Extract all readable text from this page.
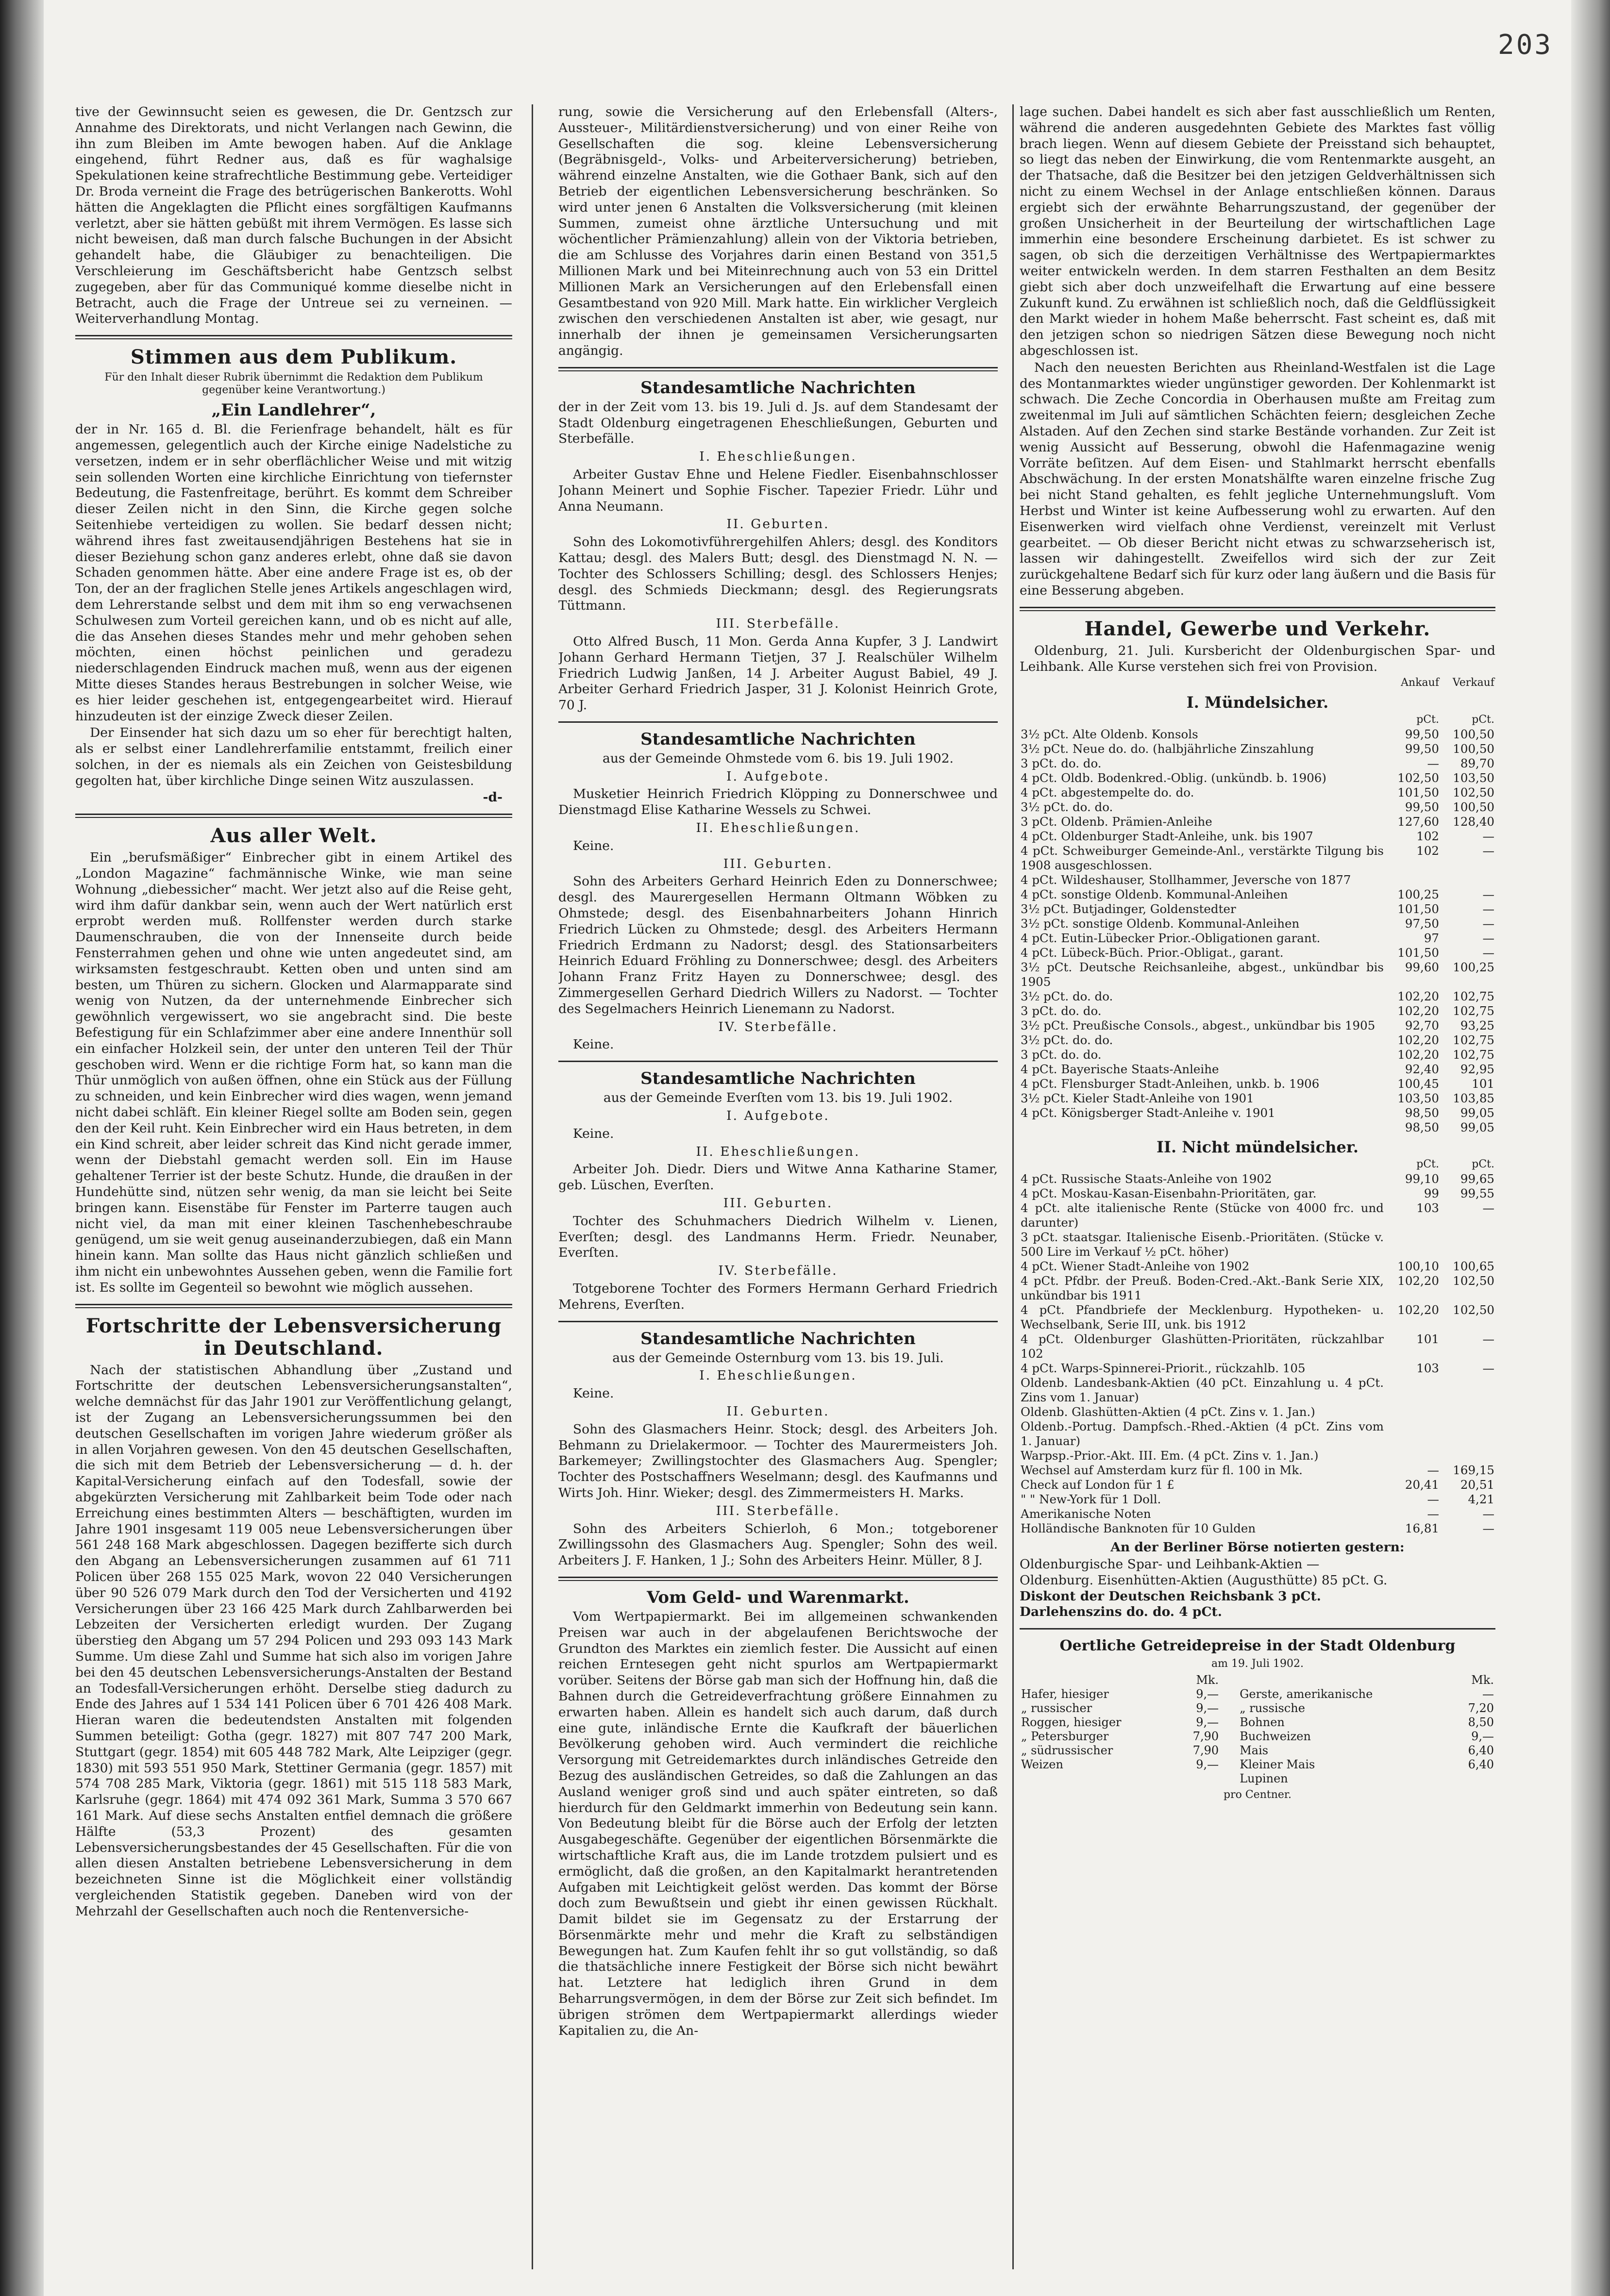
203

tive der Gewinnsucht seien es gewesen, die Dr. Gentzsch zur Annahme des Direktorats, und nicht Verlangen nach Gewinn, die ihn zum Bleiben im Amte bewogen haben. Auf die Anklage eingehend, führt Redner aus, daß es für waghalsige Spekulationen keine strafrechtliche Bestimmung gebe. Verteidiger Dr. Broda verneint die Frage des betrügerischen Bankerotts. Wohl hätten die Angeklagten die Pflicht eines sorgfältigen Kaufmanns verletzt, aber sie hätten gebüßt mit ihrem Vermögen. Es lasse sich nicht beweisen, daß man durch falsche Buchungen in der Absicht gehandelt habe, die Gläubiger zu benachteiligen. Die Verschleierung im Geschäftsbericht habe Gentzsch selbst zugegeben, aber für das Communiqué komme dieselbe nicht in Betracht, auch die Frage der Untreue sei zu verneinen. — Weiterverhandlung Montag.

Stimmen aus dem Publikum.
Für den Inhalt dieser Rubrik übernimmt die Redaktion dem Publikum gegenüber keine Verantwortung.)
„Ein Landlehrer“,

der in Nr. 165 d. Bl. die Ferienfrage behandelt, hält es für angemessen, gelegentlich auch der Kirche einige Nadelstiche zu versetzen, indem er in sehr oberflächlicher Weise und mit witzig sein sollenden Worten eine kirchliche Einrichtung von tiefernster Bedeutung, die Fastenfreitage, berührt. Es kommt dem Schreiber dieser Zeilen nicht in den Sinn, die Kirche gegen solche Seitenhiebe verteidigen zu wollen. Sie bedarf dessen nicht; während ihres fast zweitausendjährigen Bestehens hat sie in dieser Beziehung schon ganz anderes erlebt, ohne daß sie davon Schaden genommen hätte. Aber eine andere Frage ist es, ob der Ton, der an der fraglichen Stelle jenes Artikels angeschlagen wird, dem Lehrerstande selbst und dem mit ihm so eng verwachsenen Schulwesen zum Vorteil gereichen kann, und ob es nicht auf alle, die das Ansehen dieses Standes mehr und mehr gehoben sehen möchten, einen höchst peinlichen und geradezu niederschlagenden Eindruck machen muß, wenn aus der eigenen Mitte dieses Standes heraus Bestrebungen in solcher Weise, wie es hier leider geschehen ist, entgegengearbeitet wird. Hierauf hinzudeuten ist der einzige Zweck dieser Zeilen.

Der Einsender hat sich dazu um so eher für berechtigt halten, als er selbst einer Landlehrerfamilie entstammt, freilich einer solchen, in der es niemals als ein Zeichen von Geistesbildung gegolten hat, über kirchliche Dinge seinen Witz auszulassen.

-d-
Aus aller Welt.

Ein „berufsmäßiger“ Einbrecher gibt in einem Artikel des „London Magazine“ fachmännische Winke, wie man seine Wohnung „diebessicher“ macht. Wer jetzt also auf die Reise geht, wird ihm dafür dankbar sein, wenn auch der Wert natürlich erst erprobt werden muß. Rollfenster werden durch starke Daumenschrauben, die von der Innenseite durch beide Fensterrahmen gehen und ohne wie unten angedeutet sind, am wirksamsten festgeschraubt. Ketten oben und unten sind am besten, um Thüren zu sichern. Glocken und Alarmapparate sind wenig von Nutzen, da der unternehmende Einbrecher sich gewöhnlich vergewissert, wo sie angebracht sind. Die beste Befestigung für ein Schlafzimmer aber eine andere Innenthür soll ein einfacher Holzkeil sein, der unter den unteren Teil der Thür geschoben wird. Wenn er die richtige Form hat, so kann man die Thür unmöglich von außen öffnen, ohne ein Stück aus der Füllung zu schneiden, und kein Einbrecher wird dies wagen, wenn jemand nicht dabei schläft. Ein kleiner Riegel sollte am Boden sein, gegen den der Keil ruht. Kein Einbrecher wird ein Haus betreten, in dem ein Kind schreit, aber leider schreit das Kind nicht gerade immer, wenn der Diebstahl gemacht werden soll. Ein im Hause gehaltener Terrier ist der beste Schutz. Hunde, die draußen in der Hundehütte sind, nützen sehr wenig, da man sie leicht bei Seite bringen kann. Eisenstäbe für Fenster im Parterre taugen auch nicht viel, da man mit einer kleinen Taschenhebeschraube genügend, um sie weit genug auseinanderzubiegen, daß ein Mann hinein kann. Man sollte das Haus nicht gänzlich schließen und ihm nicht ein unbewohntes Aussehen geben, wenn die Familie fort ist. Es sollte im Gegenteil so bewohnt wie möglich aussehen.

Fortschritte der Lebensversicherung in Deutschland.

Nach der statistischen Abhandlung über „Zustand und Fortschritte der deutschen Lebensversicherungsanstalten“, welche demnächst für das Jahr 1901 zur Veröffentlichung gelangt, ist der Zugang an Lebensversicherungssummen bei den deutschen Gesellschaften im vorigen Jahre wiederum größer als in allen Vorjahren gewesen. Von den 45 deutschen Gesellschaften, die sich mit dem Betrieb der Lebensversicherung — d. h. der Kapital-Versicherung einfach auf den Todesfall, sowie der abgekürzten Versicherung mit Zahlbarkeit beim Tode oder nach Erreichung eines bestimmten Alters — beschäftigten, wurden im Jahre 1901 insgesamt 119 005 neue Lebensversicherungen über 561 248 168 Mark abgeschlossen. Dagegen bezifferte sich durch den Abgang an Lebensversicherungen zusammen auf 61 711 Policen über 268 155 025 Mark, wovon 22 040 Versicherungen über 90 526 079 Mark durch den Tod der Versicherten und 4192 Versicherungen über 23 166 425 Mark durch Zahlbarwerden bei Lebzeiten der Versicherten erledigt wurden. Der Zugang überstieg den Abgang um 57 294 Policen und 293 093 143 Mark Summe. Um diese Zahl und Summe hat sich also im vorigen Jahre bei den 45 deutschen Lebensversicherungs-Anstalten der Bestand an Todesfall-Versicherungen erhöht. Derselbe stieg dadurch zu Ende des Jahres auf 1 534 141 Policen über 6 701 426 408 Mark. Hieran waren die bedeutendsten Anstalten mit folgenden Summen beteiligt: Gotha (gegr. 1827) mit 807 747 200 Mark, Stuttgart (gegr. 1854) mit 605 448 782 Mark, Alte Leipziger (gegr. 1830) mit 593 551 950 Mark, Stettiner Germania (gegr. 1857) mit 574 708 285 Mark, Viktoria (gegr. 1861) mit 515 118 583 Mark, Karlsruhe (gegr. 1864) mit 474 092 361 Mark, Summa 3 570 667 161 Mark. Auf diese sechs Anstalten entfiel demnach die größere Hälfte (53,3 Prozent) des gesamten Lebensversicherungsbestandes der 45 Gesellschaften. Für die von allen diesen Anstalten betriebene Lebensversicherung in dem bezeichneten Sinne ist die Möglichkeit einer vollständig vergleichenden Statistik gegeben. Daneben wird von der Mehrzahl der Gesellschaften auch noch die Rentenversiche-

rung, sowie die Versicherung auf den Erlebensfall (Alters-, Aussteuer-, Militärdienstversicherung) und von einer Reihe von Gesellschaften die sog. kleine Lebensversicherung (Begräbnisgeld-, Volks- und Arbeiterversicherung) betrieben, während einzelne Anstalten, wie die Gothaer Bank, sich auf den Betrieb der eigentlichen Lebensversicherung beschränken. So wird unter jenen 6 Anstalten die Volksversicherung (mit kleinen Summen, zumeist ohne ärztliche Untersuchung und mit wöchentlicher Prämienzahlung) allein von der Viktoria betrieben, die am Schlusse des Vorjahres darin einen Bestand von 351,5 Millionen Mark und bei Miteinrechnung auch von 53 ein Drittel Millionen Mark an Versicherungen auf den Erlebensfall einen Gesamtbestand von 920 Mill. Mark hatte. Ein wirklicher Vergleich zwischen den verschiedenen Anstalten ist aber, wie gesagt, nur innerhalb der ihnen je gemeinsamen Versicherungsarten angängig.

Standesamtliche Nachrichten

der in der Zeit vom 13. bis 19. Juli d. Js. auf dem Standesamt der Stadt Oldenburg eingetragenen Eheschließungen, Geburten und Sterbefälle.

I. Eheschließungen.

Arbeiter Gustav Ehne und Helene Fiedler. Eisenbahnschlosser Johann Meinert und Sophie Fischer. Tapezier Friedr. Lühr und Anna Neumann.

II. Geburten.

Sohn des Lokomotivführergehilfen Ahlers; desgl. des Konditors Kattau; desgl. des Malers Butt; desgl. des Dienstmagd N. N. — Tochter des Schlossers Schilling; desgl. des Schlossers Henjes; desgl. des Schmieds Dieckmann; desgl. des Regierungsrats Tüttmann.

III. Sterbefälle.

Otto Alfred Busch, 11 Mon. Gerda Anna Kupfer, 3 J. Landwirt Johann Gerhard Hermann Tietjen, 37 J. Realschüler Wilhelm Friedrich Ludwig Janßen, 14 J. Arbeiter August Babiel, 49 J. Arbeiter Gerhard Friedrich Jasper, 31 J. Kolonist Heinrich Grote, 70 J.

Standesamtliche Nachrichten

aus der Gemeinde Ohmstede vom 6. bis 19. Juli 1902.

I. Aufgebote.

Musketier Heinrich Friedrich Klöpping zu Donnerschwee und Dienstmagd Elise Katharine Wessels zu Schwei.

II. Eheschließungen.

Keine.

III. Geburten.

Sohn des Arbeiters Gerhard Heinrich Eden zu Donnerschwee; desgl. des Maurergesellen Hermann Oltmann Wöbken zu Ohmstede; desgl. des Eisenbahnarbeiters Johann Hinrich Friedrich Lücken zu Ohmstede; desgl. des Arbeiters Hermann Friedrich Erdmann zu Nadorst; desgl. des Stationsarbeiters Heinrich Eduard Fröhling zu Donnerschwee; desgl. des Arbeiters Johann Franz Fritz Hayen zu Donnerschwee; desgl. des Zimmergesellen Gerhard Diedrich Willers zu Nadorst. — Tochter des Segelmachers Heinrich Lienemann zu Nadorst.

IV. Sterbefälle.

Keine.

Standesamtliche Nachrichten

aus der Gemeinde Everſten vom 13. bis 19. Juli 1902.

I. Aufgebote.

Keine.

II. Eheschließungen.

Arbeiter Joh. Diedr. Diers und Witwe Anna Katharine Stamer, geb. Lüschen, Everſten.

III. Geburten.

Tochter des Schuhmachers Diedrich Wilhelm v. Lienen, Everſten; desgl. des Landmanns Herm. Friedr. Neunaber, Everſten.

IV. Sterbefälle.

Totgeborene Tochter des Formers Hermann Gerhard Friedrich Mehrens, Everſten.

Standesamtliche Nachrichten

aus der Gemeinde Osternburg vom 13. bis 19. Juli.

I. Eheschließungen.

Keine.

II. Geburten.

Sohn des Glasmachers Heinr. Stock; desgl. des Arbeiters Joh. Behmann zu Drielakermoor. — Tochter des Maurermeisters Joh. Barkemeyer; Zwillingstochter des Glasmachers Aug. Spengler; Tochter des Postschaffners Weselmann; desgl. des Kaufmanns und Wirts Joh. Hinr. Wieker; desgl. des Zimmermeisters H. Marks.

III. Sterbefälle.

Sohn des Arbeiters Schierloh, 6 Mon.; totgeborener Zwillingssohn des Glasmachers Aug. Spengler; Sohn des weil. Arbeiters J. F. Hanken, 1 J.; Sohn des Arbeiters Heinr. Müller, 8 J.

Vom Geld- und Warenmarkt.

Vom Wertpapiermarkt. Bei im allgemeinen schwankenden Preisen war auch in der abgelaufenen Berichtswoche der Grundton des Marktes ein ziemlich fester. Die Aussicht auf einen reichen Erntesegen geht nicht spurlos am Wertpapiermarkt vorüber. Seitens der Börse gab man sich der Hoffnung hin, daß die Bahnen durch die Getreideverfrachtung größere Einnahmen zu erwarten haben. Allein es handelt sich auch darum, daß durch eine gute, inländische Ernte die Kaufkraft der bäuerlichen Bevölkerung gehoben wird. Auch vermindert die reichliche Versorgung mit Getreidemarktes durch inländisches Getreide den Bezug des ausländischen Getreides, so daß die Zahlungen an das Ausland weniger groß sind und auch später eintreten, so daß hierdurch für den Geldmarkt immerhin von Bedeutung sein kann. Von Bedeutung bleibt für die Börse auch der Erfolg der letzten Ausgabegeschäfte. Gegenüber der eigentlichen Börsenmärkte die wirtschaftliche Kraft aus, die im Lande trotzdem pulsiert und es ermöglicht, daß die großen, an den Kapitalmarkt herantretenden Aufgaben mit Leichtigkeit gelöst werden. Das kommt der Börse doch zum Bewußtsein und giebt ihr einen gewissen Rückhalt. Damit bildet sie im Gegensatz zu der Erstarrung der Börsenmärkte mehr und mehr die Kraft zu selbständigen Bewegungen hat. Zum Kaufen fehlt ihr so gut vollständig, so daß die thatsächliche innere Festigkeit der Börse sich nicht bewährt hat. Letztere hat lediglich ihren Grund in dem Beharrungsvermögen, in dem der Börse zur Zeit sich befindet. Im übrigen strömen dem Wertpapiermarkt allerdings wieder Kapitalien zu, die An-

lage suchen. Dabei handelt es sich aber fast ausschließlich um Renten, während die anderen ausgedehnten Gebiete des Marktes fast völlig brach liegen. Wenn auf diesem Gebiete der Preisstand sich behauptet, so liegt das neben der Einwirkung, die vom Rentenmarkte ausgeht, an der Thatsache, daß die Besitzer bei den jetzigen Geldverhältnissen sich nicht zu einem Wechsel in der Anlage entschließen können. Daraus ergiebt sich der erwähnte Beharrungszustand, der gegenüber der großen Unsicherheit in der Beurteilung der wirtschaftlichen Lage immerhin eine besondere Erscheinung darbietet. Es ist schwer zu sagen, ob sich die derzeitigen Verhältnisse des Wertpapiermarktes weiter entwickeln werden. In dem starren Festhalten an dem Besitz giebt sich aber doch unzweifelhaft die Erwartung auf eine bessere Zukunft kund. Zu erwähnen ist schließlich noch, daß die Geldflüssigkeit den Markt wieder in hohem Maße beherrscht. Fast scheint es, daß mit den jetzigen schon so niedrigen Sätzen diese Bewegung noch nicht abgeschlossen ist.

Nach den neuesten Berichten aus Rheinland-Westfalen ist die Lage des Montanmarktes wieder ungünstiger geworden. Der Kohlenmarkt ist schwach. Die Zeche Concordia in Oberhausen mußte am Freitag zum zweitenmal im Juli auf sämtlichen Schächten feiern; desgleichen Zeche Alstaden. Auf den Zechen sind starke Bestände vorhanden. Zur Zeit ist wenig Aussicht auf Besserung, obwohl die Hafenmagazine wenig Vorräte beſitzen. Auf dem Eisen- und Stahlmarkt herrscht ebenfalls Abschwächung. In der ersten Monatshälfte waren einzelne frische Zug bei nicht Stand gehalten, es fehlt jegliche Unternehmungsluft. Vom Herbst und Winter ist keine Aufbesserung wohl zu erwarten. Auf den Eisenwerken wird vielfach ohne Verdienst, vereinzelt mit Verlust gearbeitet. — Ob dieser Bericht nicht etwas zu schwarzseherisch ist, lassen wir dahingestellt. Zweifellos wird sich der zur Zeit zurückgehaltene Bedarf sich für kurz oder lang äußern und die Basis für eine Besserung abgeben.

Handel, Gewerbe und Verkehr.

Oldenburg, 21. Juli. Kursbericht der Oldenburgischen Spar- und Leihbank. Alle Kurse verstehen sich frei von Provision.

	Ankauf	Verkauf
I. Mündelsicher.		
	pCt.	pCt.
3½ pCt. Alte Oldenb. Konsols	99,50	100,50
3½ pCt. Neue do. do. (halbjährliche Zinszahlung	99,50	100,50
3 pCt. do. do.	—	89,70
4 pCt. Oldb. Bodenkred.-Oblig. (unkündb. b. 1906)	102,50	103,50
4 pCt. abgestempelte do. do.	101,50	102,50
3½ pCt. do. do.	99,50	100,50
3 pCt. Oldenb. Prämien-Anleihe	127,60	128,40
4 pCt. Oldenburger Stadt-Anleihe, unk. bis 1907	102	—
4 pCt. Schweiburger Gemeinde-Anl., verstärkte Tilgung bis 1908 ausgeschlossen.	102	—
4 pCt. Wildeshauser, Stollhammer, Jeversche von 1877		
4 pCt. sonstige Oldenb. Kommunal-Anleihen	100,25	—
3½ pCt. Butjadinger, Goldenstedter	101,50	—
3½ pCt. sonstige Oldenb. Kommunal-Anleihen	97,50	—
4 pCt. Eutin-Lübecker Prior.-Obligationen garant.	97	—
4 pCt. Lübeck-Büch. Prior.-Obligat., garant.	101,50	—
3½ pCt. Deutsche Reichsanleihe, abgest., unkündbar bis 1905	99,60	100,25
3½ pCt. do. do.	102,20	102,75
3 pCt. do. do.	102,20	102,75
3½ pCt. Preußische Consols., abgest., unkündbar bis 1905	92,70	93,25
3½ pCt. do. do.	102,20	102,75
3 pCt. do. do.	102,20	102,75
4 pCt. Bayerische Staats-Anleihe	92,40	92,95
4 pCt. Flensburger Stadt-Anleihen, unkb. b. 1906	100,45	101
3½ pCt. Kieler Stadt-Anleihe von 1901	103,50	103,85
4 pCt. Königsberger Stadt-Anleihe v. 1901	98,50	99,05
	98,50	99,05
II. Nicht mündelsicher.		
	pCt.	pCt.
4 pCt. Russische Staats-Anleihe von 1902	99,10	99,65
4 pCt. Moskau-Kasan-Eisenbahn-Prioritäten, gar.	99	99,55
4 pCt. alte italienische Rente (Stücke von 4000 frc. und darunter)	103	—
3 pCt. staatsgar. Italienische Eisenb.-Prioritäten. (Stücke v. 500 Lire im Verkauf ½ pCt. höher)		
4 pCt. Wiener Stadt-Anleihe von 1902	100,10	100,65
4 pCt. Pfdbr. der Preuß. Boden-Cred.-Akt.-Bank Serie XIX, unkündbar bis 1911	102,20	102,50
4 pCt. Pfandbriefe der Mecklenburg. Hypotheken- u. Wechselbank, Serie III, unk. bis 1912	102,20	102,50
4 pCt. Oldenburger Glashütten-Prioritäten, rückzahlbar 102	101	—
4 pCt. Warps-Spinnerei-Priorit., rückzahlb. 105	103	—
Oldenb. Landesbank-Aktien (40 pCt. Einzahlung u. 4 pCt. Zins vom 1. Januar)		
Oldenb. Glashütten-Aktien (4 pCt. Zins v. 1. Jan.)		
Oldenb.-Portug. Dampfsch.-Rhed.-Aktien (4 pCt. Zins vom 1. Januar)		
Warpsp.-Prior.-Akt. III. Em. (4 pCt. Zins v. 1. Jan.)		
Wechsel auf Amsterdam kurz für fl. 100 in Mk.	—	169,15
Check auf London für 1 £	20,41	20,51
" " New-York für 1 Doll.	—	4,21
Amerikanische Noten	—	—
Holländische Banknoten für 10 Gulden	16,81	—
An der Berliner Börse notierten gestern:
Oldenburgische Spar- und Leihbank-Aktien —
Oldenburg. Eisenhütten-Aktien (Augusthütte) 85 pCt. G.
Diskont der Deutschen Reichsbank 3 pCt.
Darlehenszins do. do. 4 pCt.
Oertliche Getreidepreise in der Stadt Oldenburg
am 19. Juli 1902.
	Mk.		Mk.
Hafer, hiesiger	9,—	Gerste, amerikanische	—
„ russischer	9,—	„ russische	7,20
Roggen, hiesiger	9,—	Bohnen	8,50
„ Petersburger	7,90	Buchweizen	9,—
„ südrussischer	7,90	Mais	6,40
Weizen	9,—	Kleiner Mais	6,40
		Lupinen	
pro Centner.
